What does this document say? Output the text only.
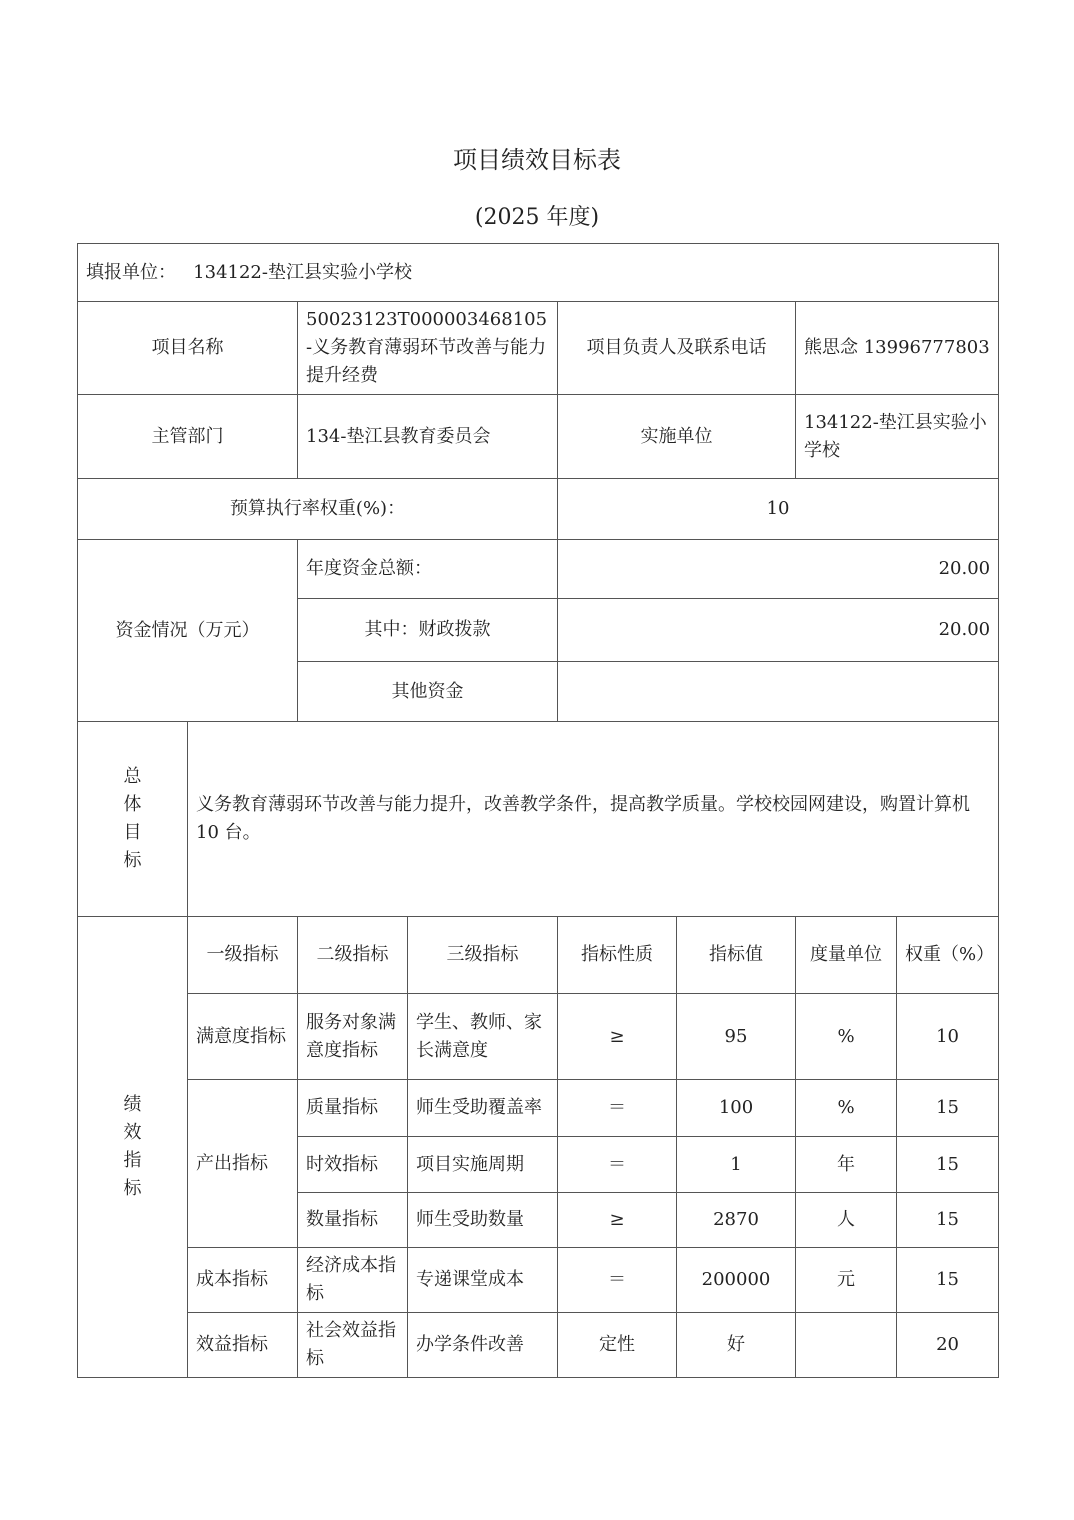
项目绩效目标表
(2025 年度)
填报单位： 134122-垫江县实验小学校							
项目名称		50023123T000003468105-义务教育薄弱环节改善与能力提升经费		项目负责人及联系电话		熊思念 13996777803	
主管部门		134-垫江县教育委员会		实施单位		134122-垫江县实验小学校	
预算执行率权重(%)：				10			
资金情况（万元）		年度资金总额：		20.00			
		其中：财政拨款		20.00			
		其他资金					

总
体
目
标	义务教育薄弱环节改善与能力提升，改善教学条件，提高教学质量。学校校园网建设，购置计算机 10 台。						

绩
效
指
标	一级指标	二级指标	三级指标	指标性质	指标值	度量单位	权重（%）
	满意度指标	服务对象满意度指标	学生、教师、家长满意度	≥	95	%	10
	产出指标	质量指标	师生受助覆盖率	＝	100	%	15
		时效指标	项目实施周期	＝	1	年	15
		数量指标	师生受助数量	≥	2870	人	15
	成本指标	经济成本指标	专递课堂成本	＝	200000	元	15
	效益指标	社会效益指标	办学条件改善	定性	好		20
